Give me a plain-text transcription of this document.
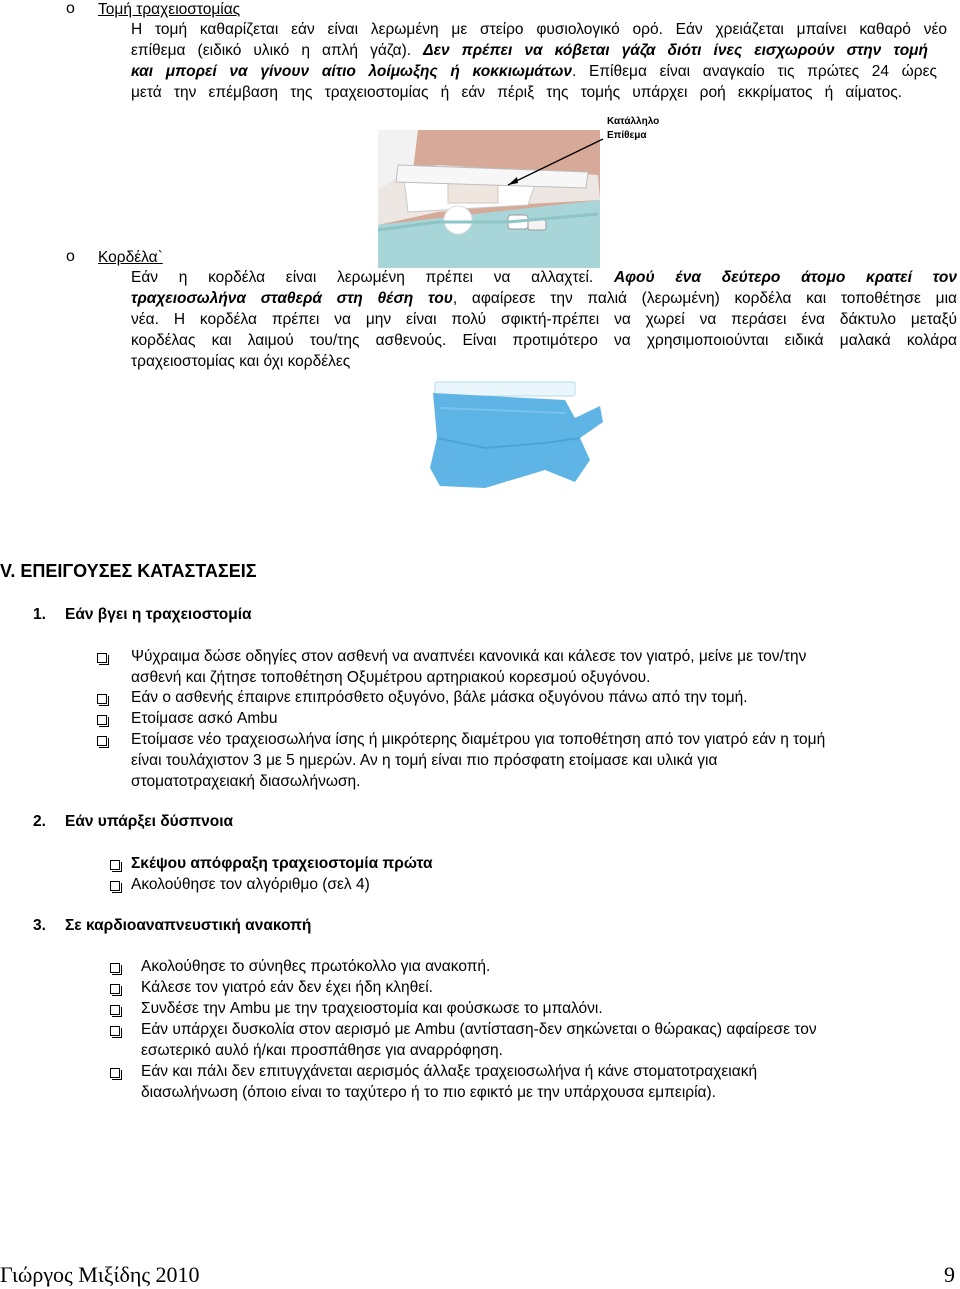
o Τομή τραχειοστομίας
Η τομή καθαρίζεται εάν είναι λερωμένη με στείρο φυσιολογικό ορό. Εάν χρειάζεται μπαίνει καθαρό νέο
επίθεμα (ειδικό υλικό η απλή γάζα). Δεν πρέπει να κόβεται γάζα διότι ίνες εισχωρούν στην τομή
και μπορεί να γίνουν αίτιο λοίμωξης ή κοκκιωμάτων. Επίθεμα είναι αναγκαίο τις πρώτες 24 ώρες
μετά την επέμβαση της τραχειοστομίας ή εάν πέριξ της τομής υπάρχει ροή εκκρίματος ή αίματος.
Κατάλληλο
Επίθεμα
o Κορδέλα`
Εάν η κορδέλα είναι λερωμένη πρέπει να αλλαχτεί. Αφού ένα δεύτερο άτομο κρατεί τον
τραχειοσωλήνα σταθερά στη θέση του, αφαίρεσε την παλιά (λερωμένη) κορδέλα και τοποθέτησε μια
νέα. Η κορδέλα πρέπει να μην είναι πολύ σφικτή-πρέπει να χωρεί να περάσει ένα δάκτυλο μεταξύ
κορδέλας και λαιμού του/της ασθενούς. Είναι προτιμότερο να χρησιμοποιούνται ειδικά μαλακά κολάρα
τραχειοστομίας και όχι κορδέλες
V. ΕΠΕΙΓΟΥΣΕΣ ΚΑΤΑΣΤΑΣΕΙΣ
1. Εάν βγει η τραχειοστομία
Ψύχραιμα δώσε οδηγίες στον ασθενή να αναπνέει κανονικά και κάλεσε τον γιατρό, μείνε με τον/την
ασθενή και ζήτησε τοποθέτηση Οξυμέτρου αρτηριακού κορεσμού οξυγόνου.
Εάν ο ασθενής έπαιρνε επιπρόσθετο οξυγόνο, βάλε μάσκα οξυγόνου πάνω από την τομή.
Ετοίμασε ασκό Ambu
Ετοίμασε νέο τραχειοσωλήνα ίσης ή μικρότερης διαμέτρου για τοποθέτηση από τον γιατρό εάν η τομή
είναι τουλάχιστον 3 με 5 ημερών. Αν η τομή είναι πιο πρόσφατη ετοίμασε και υλικά για
στοματοτραχειακή διασωλήνωση.
2. Εάν υπάρξει δύσπνοια
Σκέψου απόφραξη τραχειοστομία πρώτα
Ακολούθησε τον αλγόριθμο (σελ 4)
3. Σε καρδιοαναπνευστική ανακοπή
Ακολούθησε το σύνηθες πρωτόκολλο για ανακοπή.
Κάλεσε τον γιατρό εάν δεν έχει ήδη κληθεί.
Συνδέσε την Ambu με την τραχειοστομία και φούσκωσε το μπαλόνι.
Εάν υπάρχει δυσκολία στον αερισμό με Ambu (αντίσταση-δεν σηκώνεται ο θώρακας) αφαίρεσε τον
εσωτερικό αυλό ή/και προσπάθησε για αναρρόφηση.
Εάν και πάλι δεν επιτυγχάνεται αερισμός άλλαξε τραχειοσωλήνα ή κάνε στοματοτραχειακή
διασωλήνωση (όποιο είναι το ταχύτερο ή το πιο εφικτό με την υπάρχουσα εμπειρία).
Γιώργος Μιξίδης 2010	9
